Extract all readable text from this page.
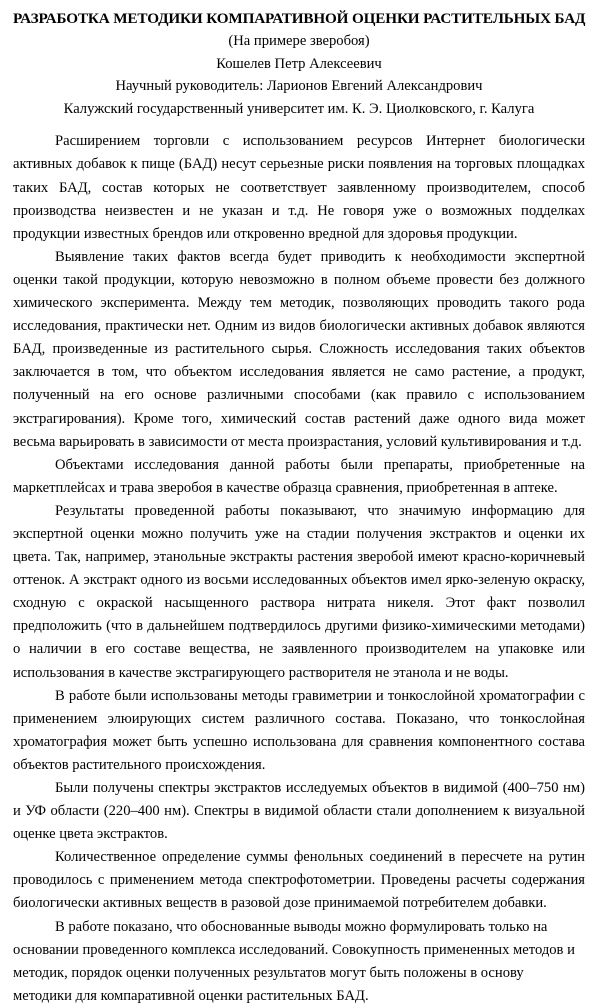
РАЗРАБОТКА МЕТОДИКИ КОМПАРАТИВНОЙ ОЦЕНКИ РАСТИТЕЛЬНЫХ БАД

(На примере зверобоя)

Кошелев Петр Алексеевич

Научный руководитель: Ларионов Евгений Александрович

Калужский государственный университет им. К. Э. Циолковского, г. Калуга

Расширением торговли с использованием ресурсов Интернет биологически активных добавок к пище (БАД) несут серьезные риски появления на торговых площадках таких БАД, состав которых не соответствует заявленному производителем, способ производства неизвестен и не указан и т.д. Не говоря уже о возможных подделках продукции известных брендов или откровенно вредной для здоровья продукции.

Выявление таких фактов всегда будет приводить к необходимости экспертной оценки такой продукции, которую невозможно в полном объеме провести без должного химического эксперимента. Между тем методик, позволяющих проводить такого рода исследования, практически нет. Одним из видов биологически активных добавок являются БАД, произведенные из растительного сырья. Сложность исследования таких объектов заключается в том, что объектом исследования является не само растение, а продукт, полученный на его основе различными способами (как правило с использованием экстрагирования). Кроме того, химический состав растений даже одного вида может весьма варьировать в зависимости от места произрастания, условий культивирования и т.д.

Объектами исследования данной работы были препараты, приобретенные на маркетплейсах и трава зверобоя в качестве образца сравнения, приобретенная в аптеке.

Результаты проведенной работы показывают, что значимую информацию для экспертной оценки можно получить уже на стадии получения экстрактов и оценки их цвета. Так, например, этанольные экстракты растения зверобой имеют красно-коричневый оттенок. А экстракт одного из восьми исследованных объектов имел ярко-зеленую окраску, сходную с окраской насыщенного раствора нитрата никеля. Этот факт позволил предположить (что в дальнейшем подтвердилось другими физико-химическими методами) о наличии в его составе вещества, не заявленного производителем на упаковке или использования в качестве экстрагирующего растворителя не этанола и не воды.

В работе были использованы методы гравиметрии и тонкослойной хроматографии с применением элюирующих систем различного состава. Показано, что тонкослойная хроматография может быть успешно использована для сравнения компонентного состава объектов растительного происхождения.

Были получены спектры экстрактов исследуемых объектов в видимой (400–750 нм) и УФ области (220–400 нм). Спектры в видимой области стали дополнением к визуальной оценке цвета экстрактов.

Количественное определение суммы фенольных соединений в пересчете на рутин проводилось с применением метода спектрофотометрии. Проведены расчеты содержания биологически активных веществ в разовой дозе принимаемой потребителем добавки.

В работе показано, что обоснованные выводы можно формулировать только на основании проведенного комплекса исследований. Совокупность примененных методов и методик, порядок оценки полученных результатов могут быть положены в основу методики для компаративной оценки растительных БАД.
